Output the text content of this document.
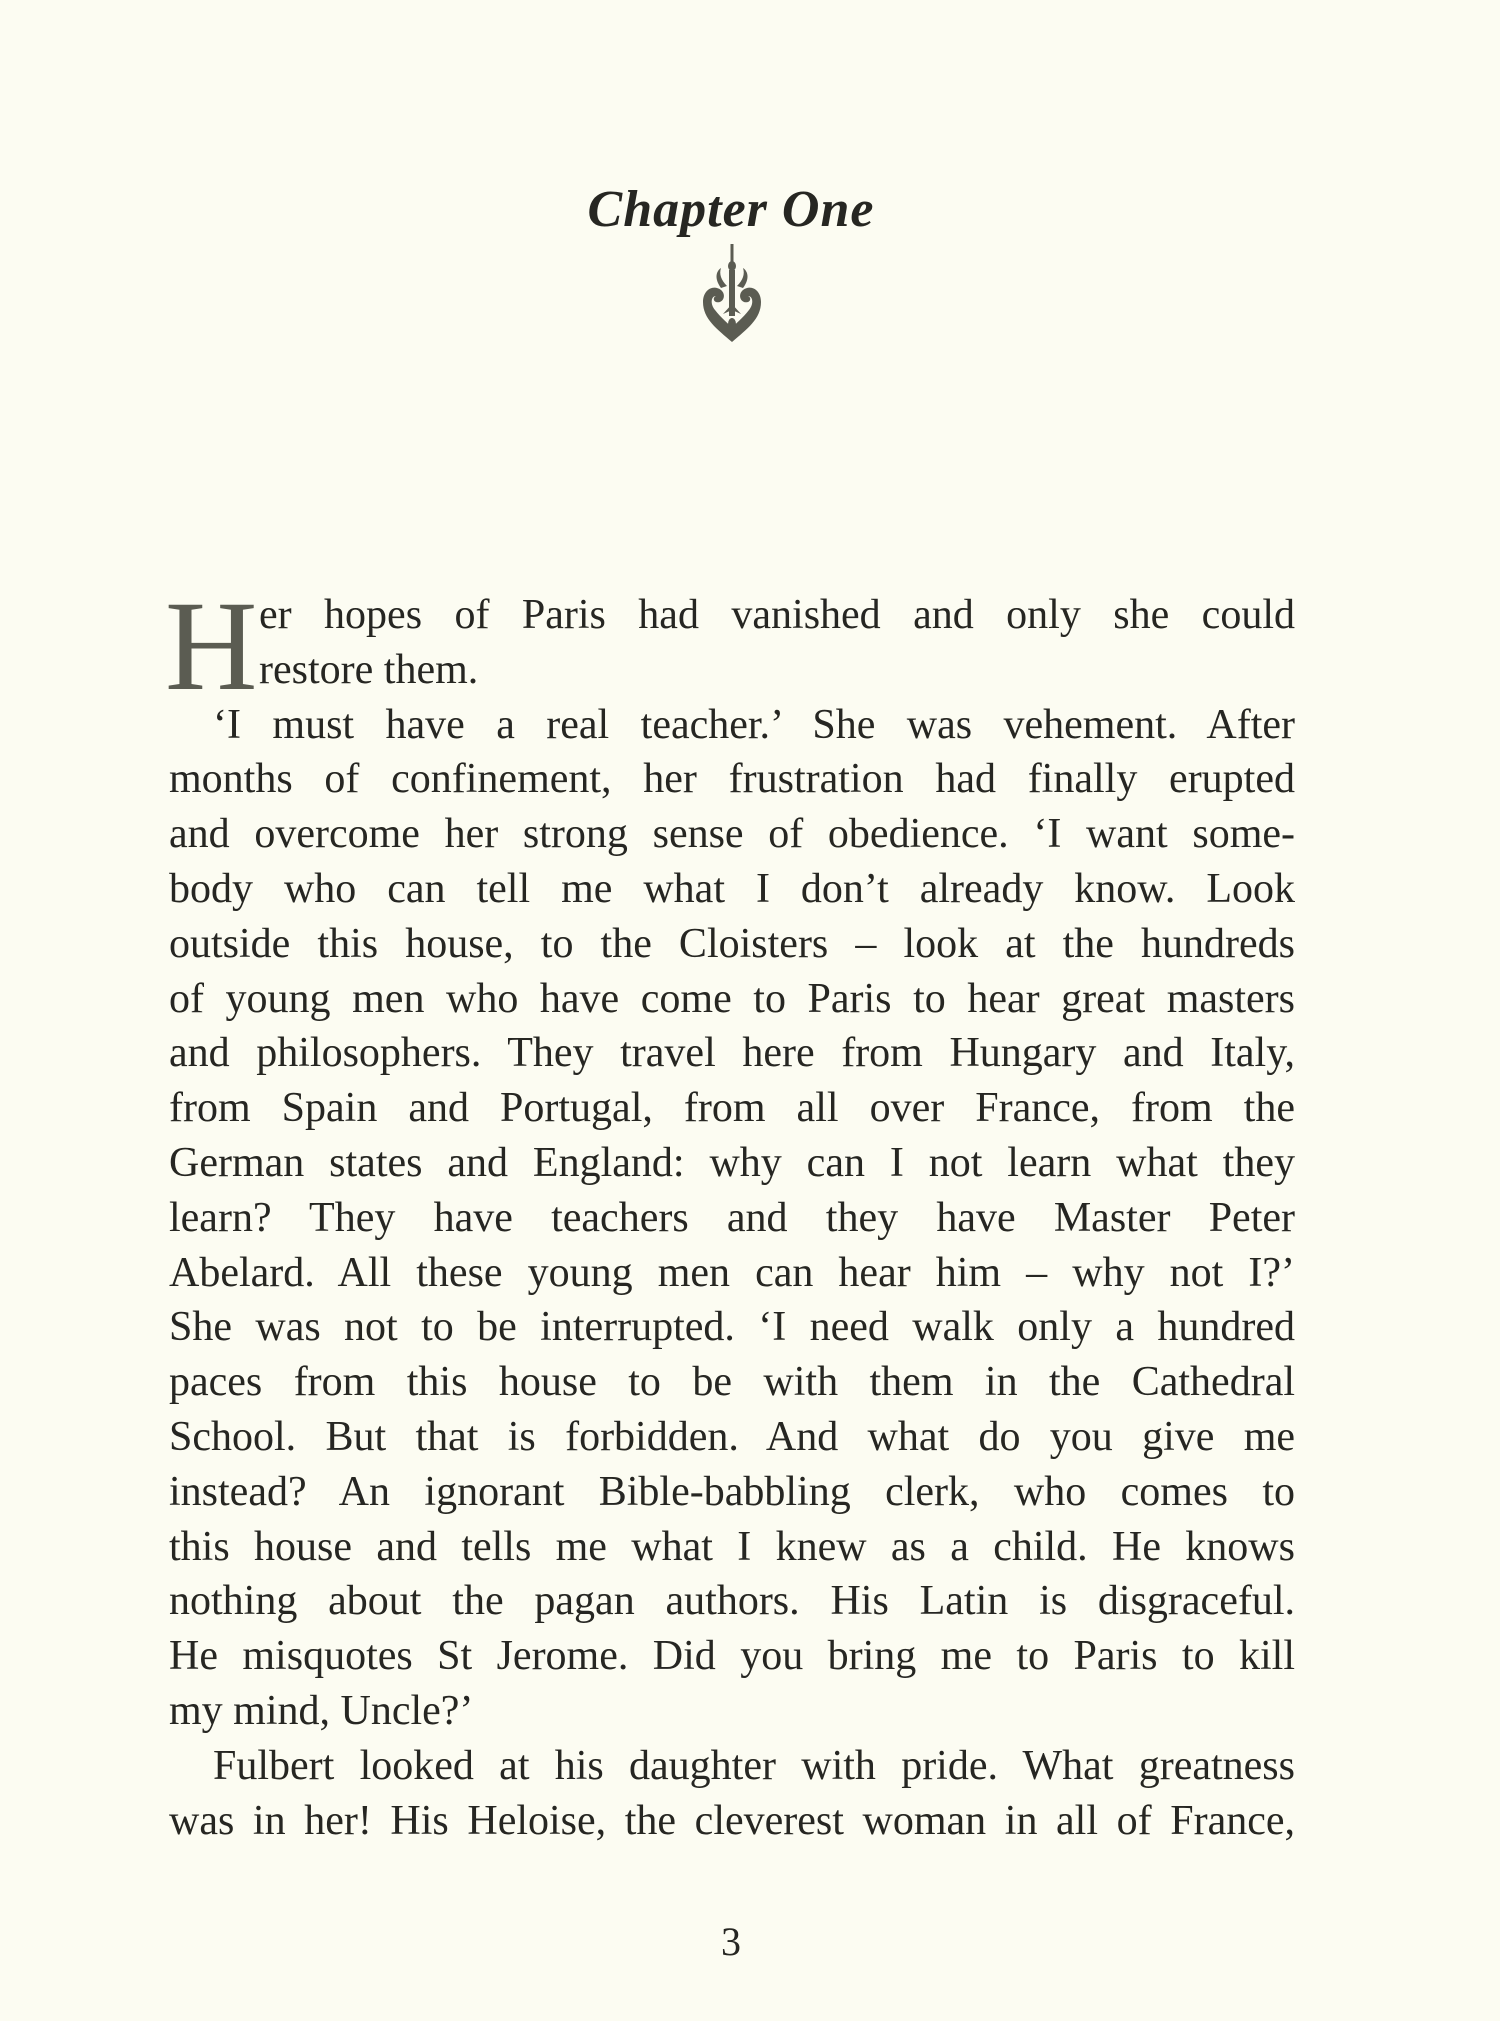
Chapter One
H er hopes of Paris had vanished and only she could
restore them.
‘I must have a real teacher.’ She was vehement. After
months of confinement, her frustration had finally erupted
and overcome her strong sense of obedience. ‘I want some-
body who can tell me what I don’t already know. Look
outside this house, to the Cloisters – look at the hundreds
of young men who have come to Paris to hear great masters
and philosophers. They travel here from Hungary and Italy,
from Spain and Portugal, from all over France, from the
German states and England: why can I not learn what they
learn? They have teachers and they have Master Peter
Abelard. All these young men can hear him – why not I?’
She was not to be interrupted. ‘I need walk only a hundred
paces from this house to be with them in the Cathedral
School. But that is forbidden. And what do you give me
instead? An ignorant Bible-babbling clerk, who comes to
this house and tells me what I knew as a child. He knows
nothing about the pagan authors. His Latin is disgraceful.
He misquotes St Jerome. Did you bring me to Paris to kill
my mind, Uncle?’
Fulbert looked at his daughter with pride. What greatness
was in her! His Heloise, the cleverest woman in all of France,
3
